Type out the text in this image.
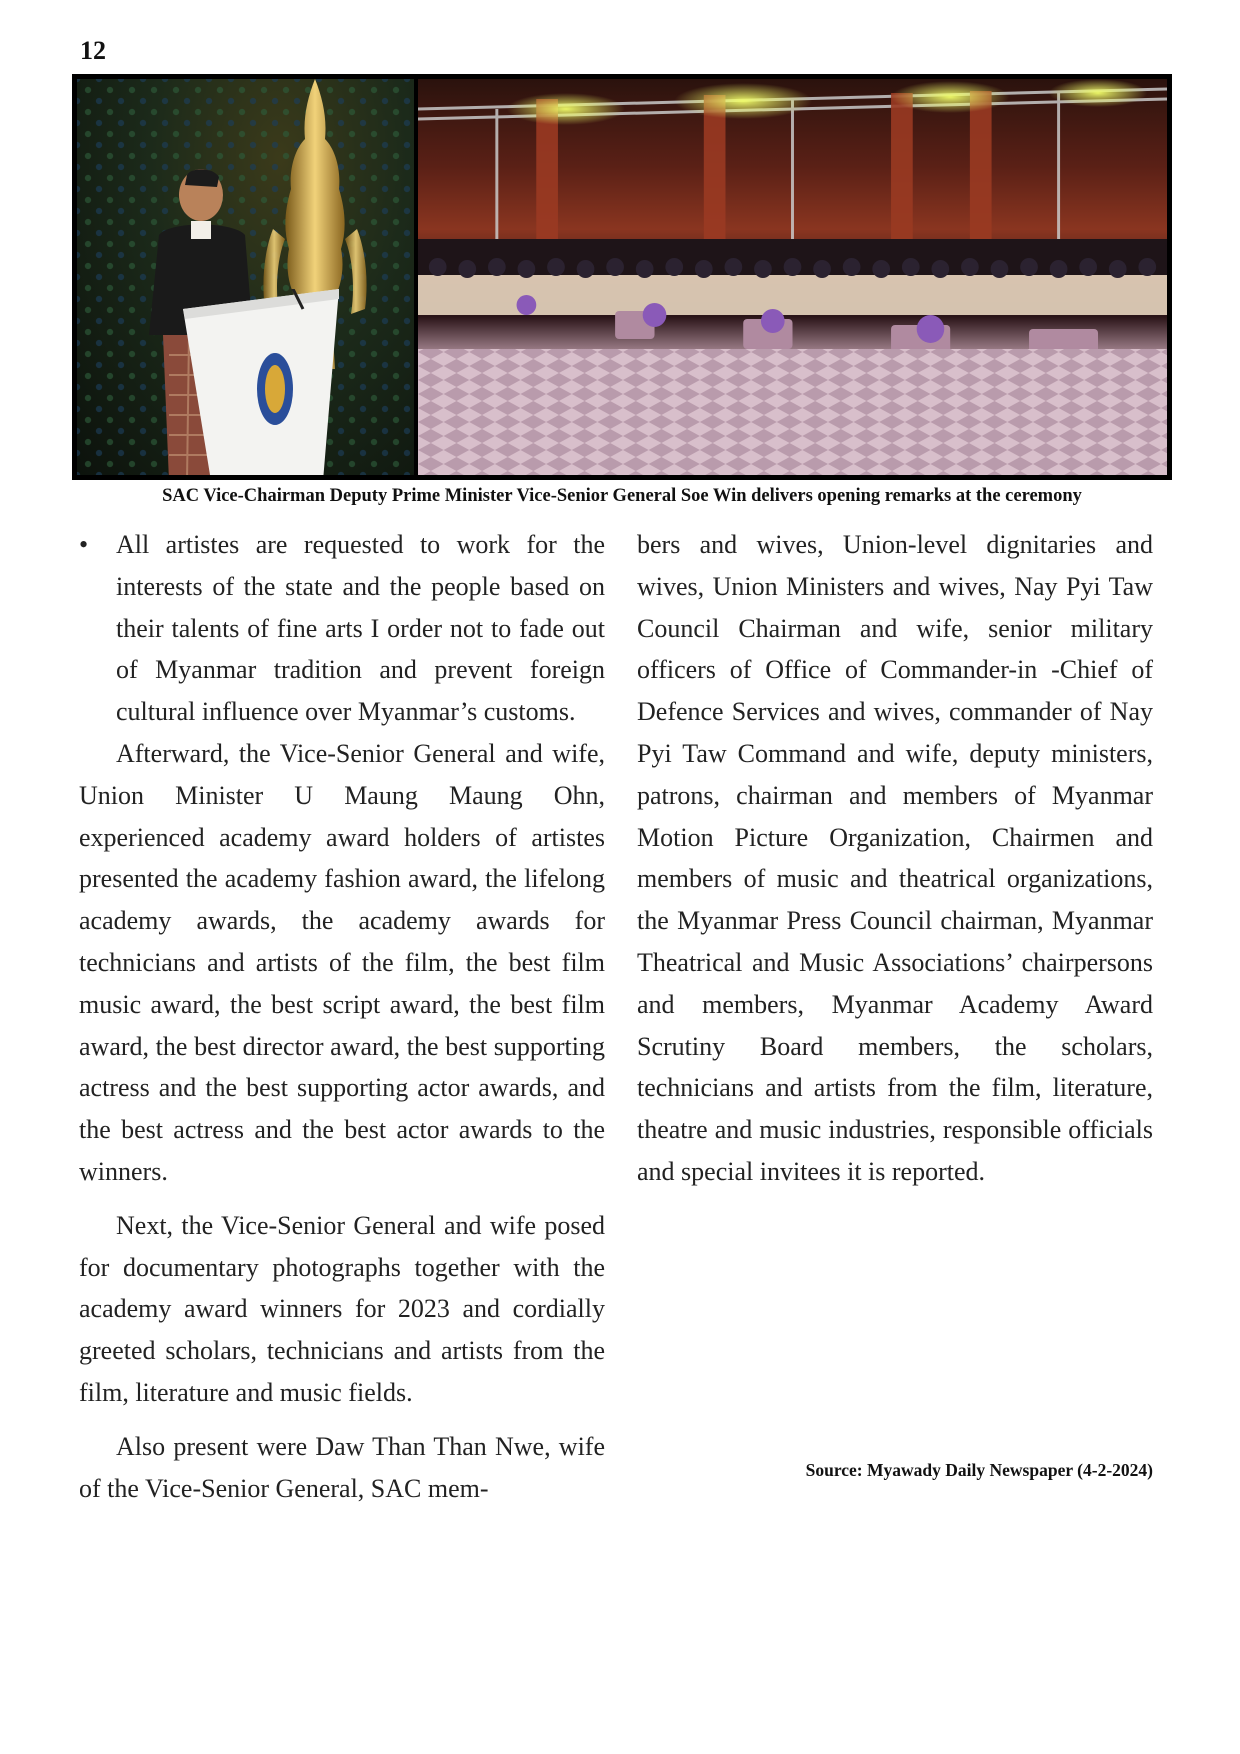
12
SAC Vice-Chairman Deputy Prime Minister Vice-Senior General Soe Win delivers opening remarks at the ceremony
• All artistes are requested to work for the interests of the state and the people based on their talents of fine arts I order not to fade out of Myanmar tradition and prevent foreign cultural influence over Myanmar’s customs.

Afterward, the Vice-Senior General and wife, Union Minister U Maung Maung Ohn, experienced academy award holders of artistes presented the academy fashion award, the lifelong academy awards, the academy awards for technicians and artists of the film, the best film music award, the best script award, the best film award, the best director award, the best supporting actress and the best supporting actor awards, and the best actress and the best actor awards to the winners.

Next, the Vice-Senior General and wife posed for documentary photographs together with the academy award winners for 2023 and cordially greeted scholars, technicians and artists from the film, literature and music fields.

Also present were Daw Than Than Nwe, wife of the Vice-Senior General, SAC mem-

bers and wives, Union-level dignitaries and wives, Union Ministers and wives, Nay Pyi Taw Council Chairman and wife, senior military officers of Office of Commander-in -Chief of Defence Services and wives, commander of Nay Pyi Taw Command and wife, deputy ministers, patrons, chairman and members of Myanmar Motion Picture Organization, Chairmen and members of music and theatrical organizations, the Myanmar Press Council chairman, Myanmar Theatrical and Music Associations’ chairpersons and members, Myanmar Academy Award Scrutiny Board members, the scholars, technicians and artists from the film, literature, theatre and music industries, responsible officials and special invitees it is reported.

Source: Myawady Daily Newspaper (4-2-2024)
